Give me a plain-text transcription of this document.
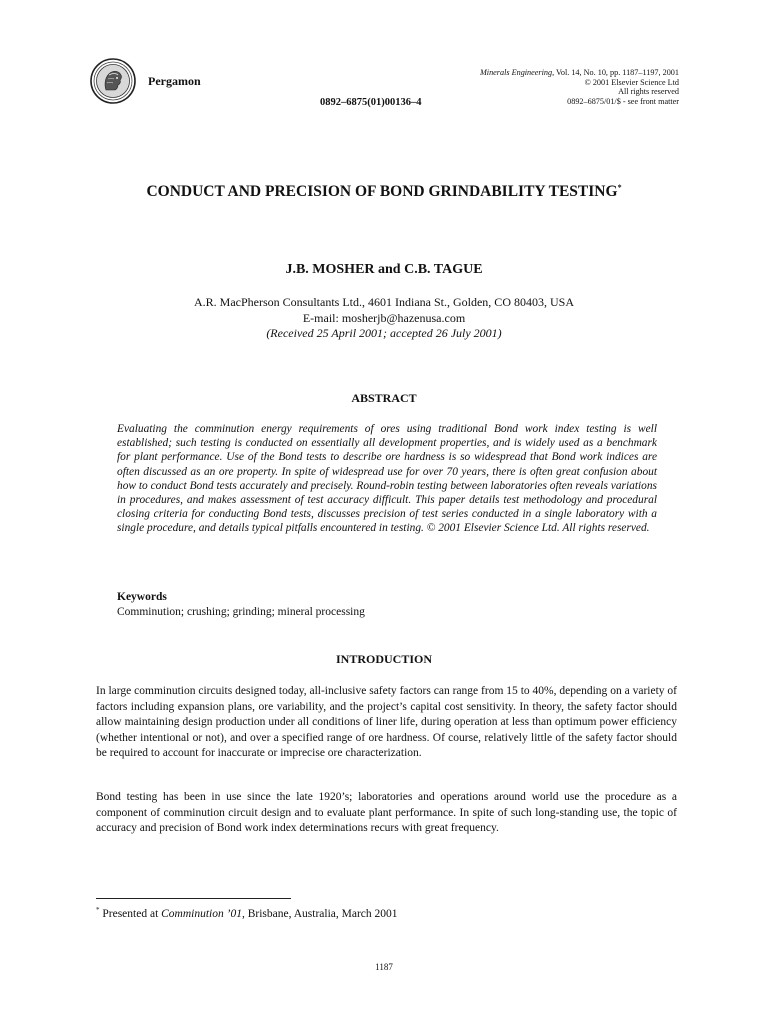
Pergamon
0892–6875(01)00136–4
Minerals Engineering, Vol. 14, No. 10, pp. 1187–1197, 2001
© 2001 Elsevier Science Ltd
All rights reserved
0892–6875/01/$ - see front matter
CONDUCT AND PRECISION OF BOND GRINDABILITY TESTING*
J.B. MOSHER and C.B. TAGUE
A.R. MacPherson Consultants Ltd., 4601 Indiana St., Golden, CO 80403, USA
E-mail: mosherjb@hazenusa.com
(Received 25 April 2001; accepted 26 July 2001)
ABSTRACT
Evaluating the comminution energy requirements of ores using traditional Bond work index testing is well established; such testing is conducted on essentially all development properties, and is widely used as a benchmark for plant performance. Use of the Bond tests to describe ore hardness is so widespread that Bond work indices are often discussed as an ore property. In spite of widespread use for over 70 years, there is often great confusion about how to conduct Bond tests accurately and precisely. Round-robin testing between laboratories often reveals variations in procedures, and makes assessment of test accuracy difficult. This paper details test methodology and procedural closing criteria for conducting Bond tests, discusses precision of test series conducted in a single laboratory with a single procedure, and details typical pitfalls encountered in testing. © 2001 Elsevier Science Ltd. All rights reserved.
Keywords
Comminution; crushing; grinding; mineral processing
INTRODUCTION
In large comminution circuits designed today, all-inclusive safety factors can range from 15 to 40%, depending on a variety of factors including expansion plans, ore variability, and the project’s capital cost sensitivity. In theory, the safety factor should allow maintaining design production under all conditions of liner life, during operation at less than optimum power efficiency (whether intentional or not), and over a specified range of ore hardness. Of course, relatively little of the safety factor should be required to account for inaccurate or imprecise ore characterization.
Bond testing has been in use since the late 1920’s; laboratories and operations around world use the procedure as a component of comminution circuit design and to evaluate plant performance. In spite of such long-standing use, the topic of accuracy and precision of Bond work index determinations recurs with great frequency.
* Presented at Comminution ’01, Brisbane, Australia, March 2001
1187
